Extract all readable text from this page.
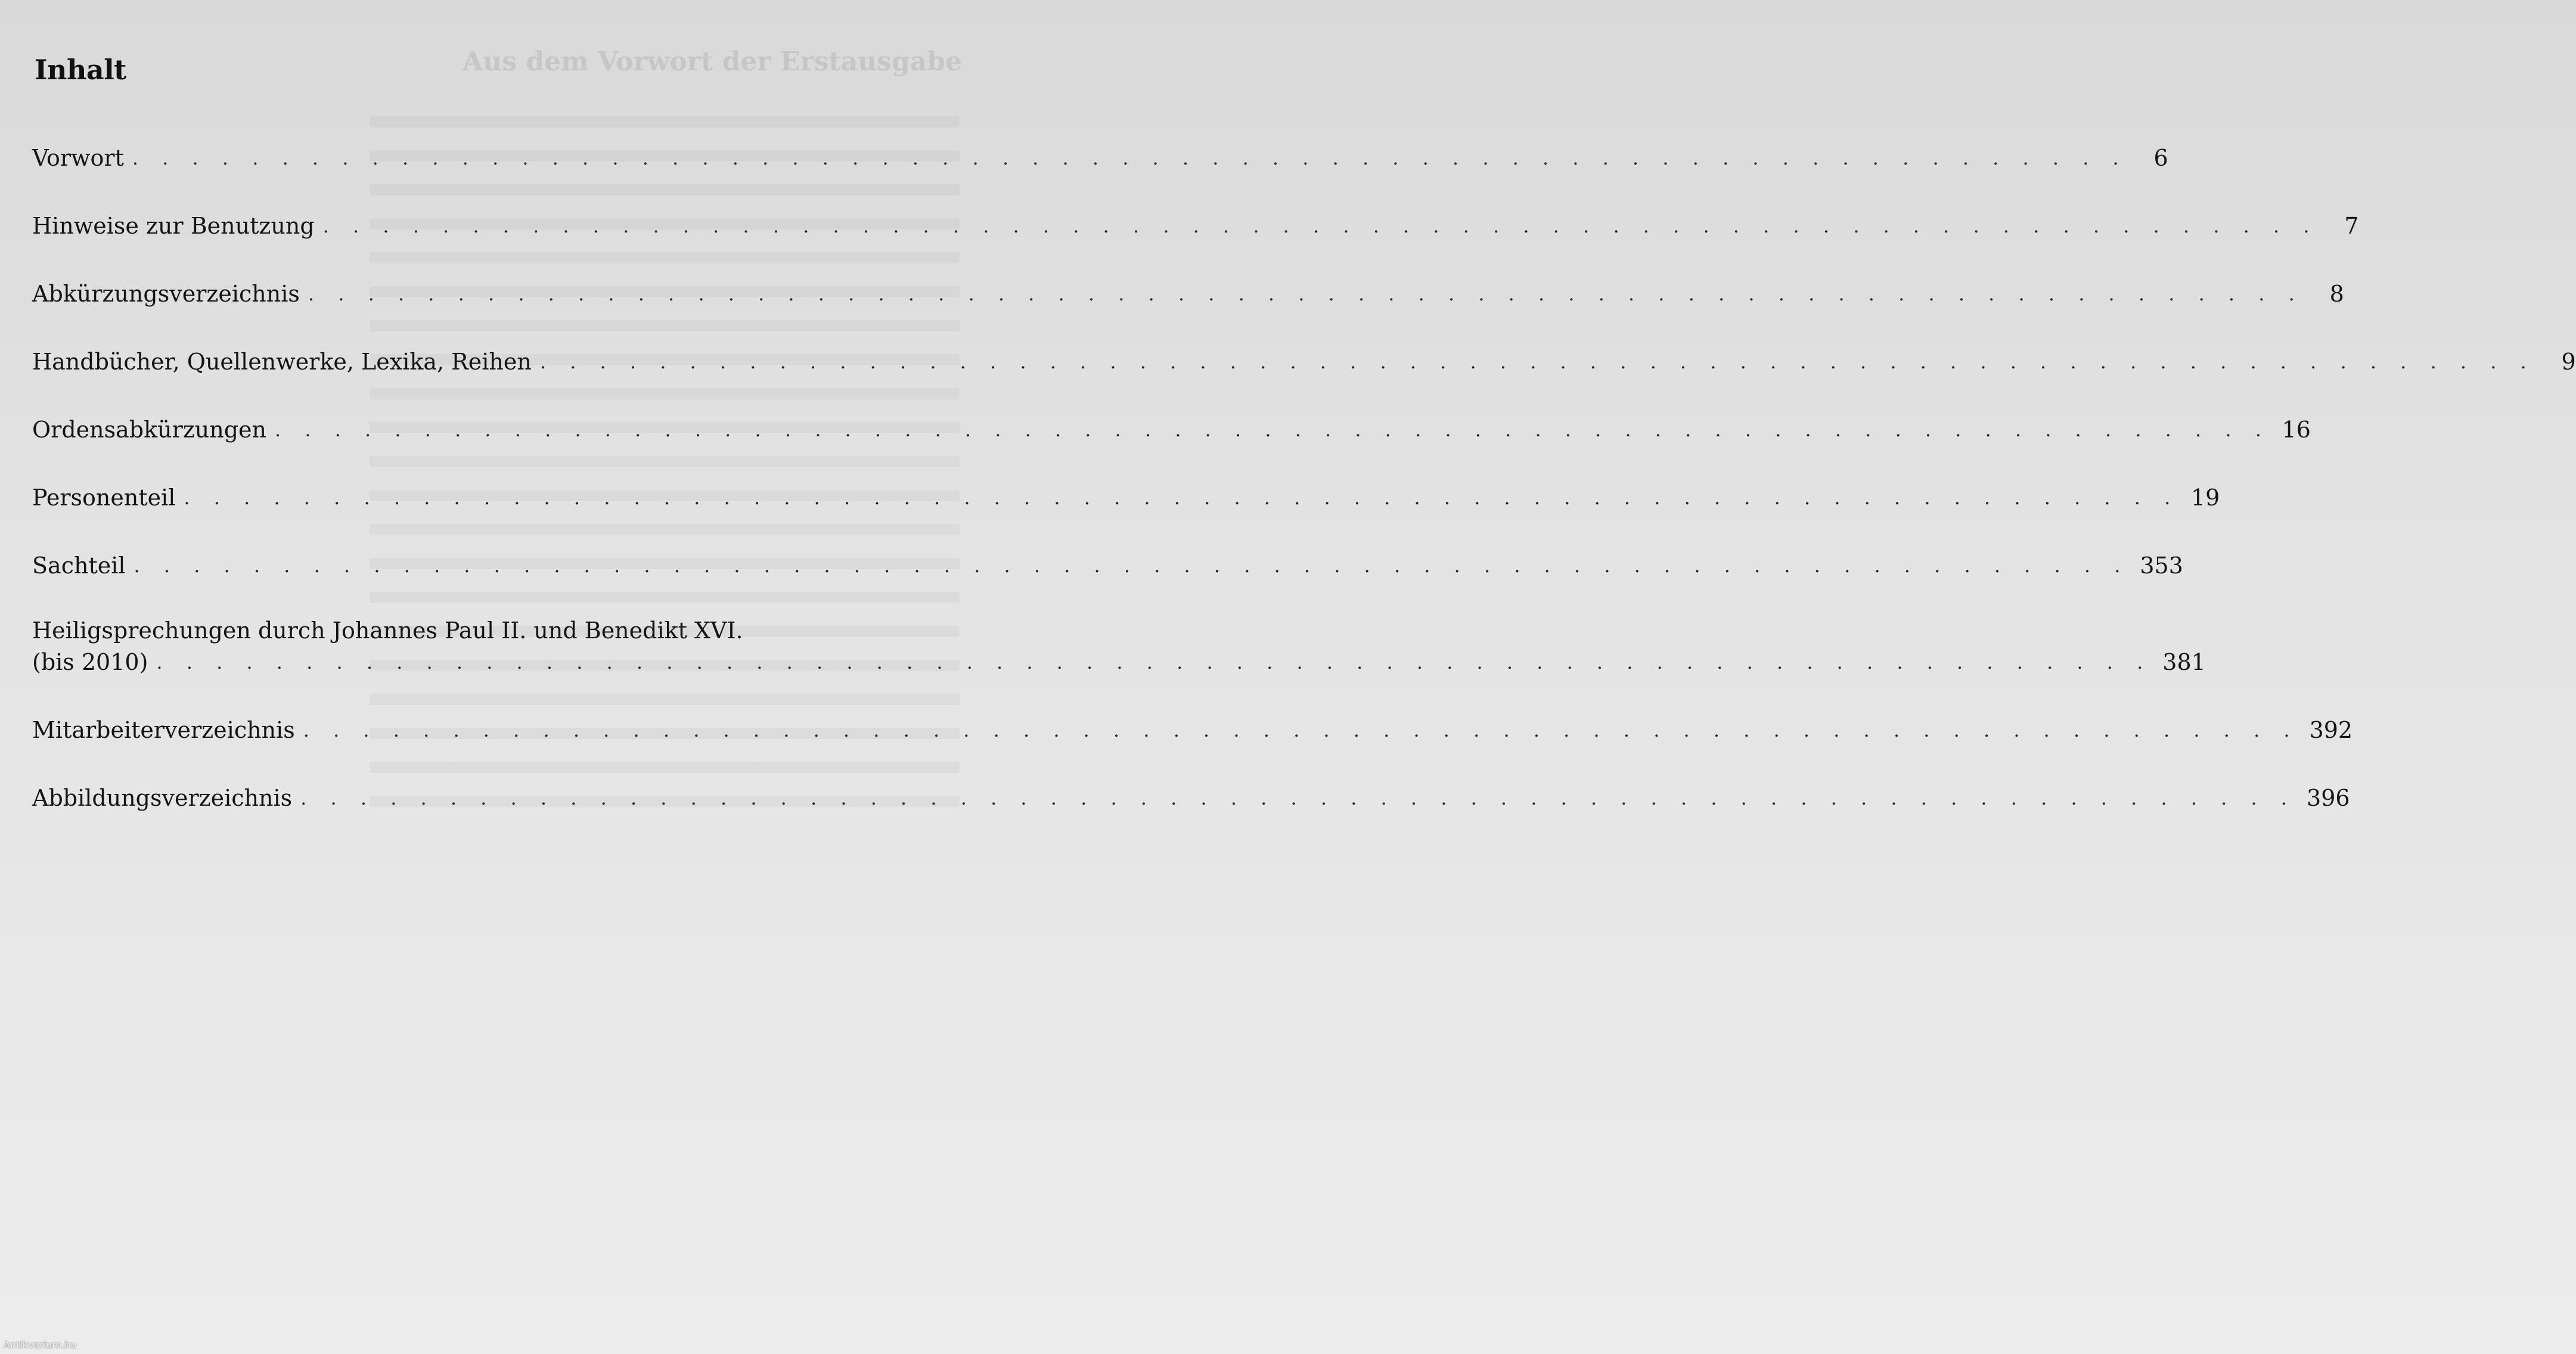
Aus dem Vorwort der Erstausgabe
Inhalt
Vorwort . . . . . . . . . . . . . . . . . . . . . . . . . . . . . . . . . . . . . . . . . . . . . . . . . . . . . . . . . . . . . . . . . . .	6
Hinweise zur Benutzung . . . . . . . . . . . . . . . . . . . . . . . . . . . . . . . . . . . . . . . . . . . . . . . . . . . . . . . . . . . . . . . . . . .	7
Abkürzungsverzeichnis . . . . . . . . . . . . . . . . . . . . . . . . . . . . . . . . . . . . . . . . . . . . . . . . . . . . . . . . . . . . . . . . . . .	8
Handbücher, Quellenwerke, Lexika, Reihen . . . . . . . . . . . . . . . . . . . . . . . . . . . . . . . . . . . . . . . . . . . . . . . . . . . . . . . . . . . . . . . . . . .	9
Ordensabkürzungen . . . . . . . . . . . . . . . . . . . . . . . . . . . . . . . . . . . . . . . . . . . . . . . . . . . . . . . . . . . . . . . . . . . 16
Personenteil . . . . . . . . . . . . . . . . . . . . . . . . . . . . . . . . . . . . . . . . . . . . . . . . . . . . . . . . . . . . . . . . . . . 19
Sachteil . . . . . . . . . . . . . . . . . . . . . . . . . . . . . . . . . . . . . . . . . . . . . . . . . . . . . . . . . . . . . . . . . . . 353
Heiligsprechungen durch Johannes Paul II. und Benedikt XVI.
(bis 2010) . . . . . . . . . . . . . . . . . . . . . . . . . . . . . . . . . . . . . . . . . . . . . . . . . . . . . . . . . . . . . . . . . . . 381
Mitarbeiterverzeichnis . . . . . . . . . . . . . . . . . . . . . . . . . . . . . . . . . . . . . . . . . . . . . . . . . . . . . . . . . . . . . . . . . . . 392
Abbildungsverzeichnis . . . . . . . . . . . . . . . . . . . . . . . . . . . . . . . . . . . . . . . . . . . . . . . . . . . . . . . . . . . . . . . . . . . 396
Antikvarium.hu
